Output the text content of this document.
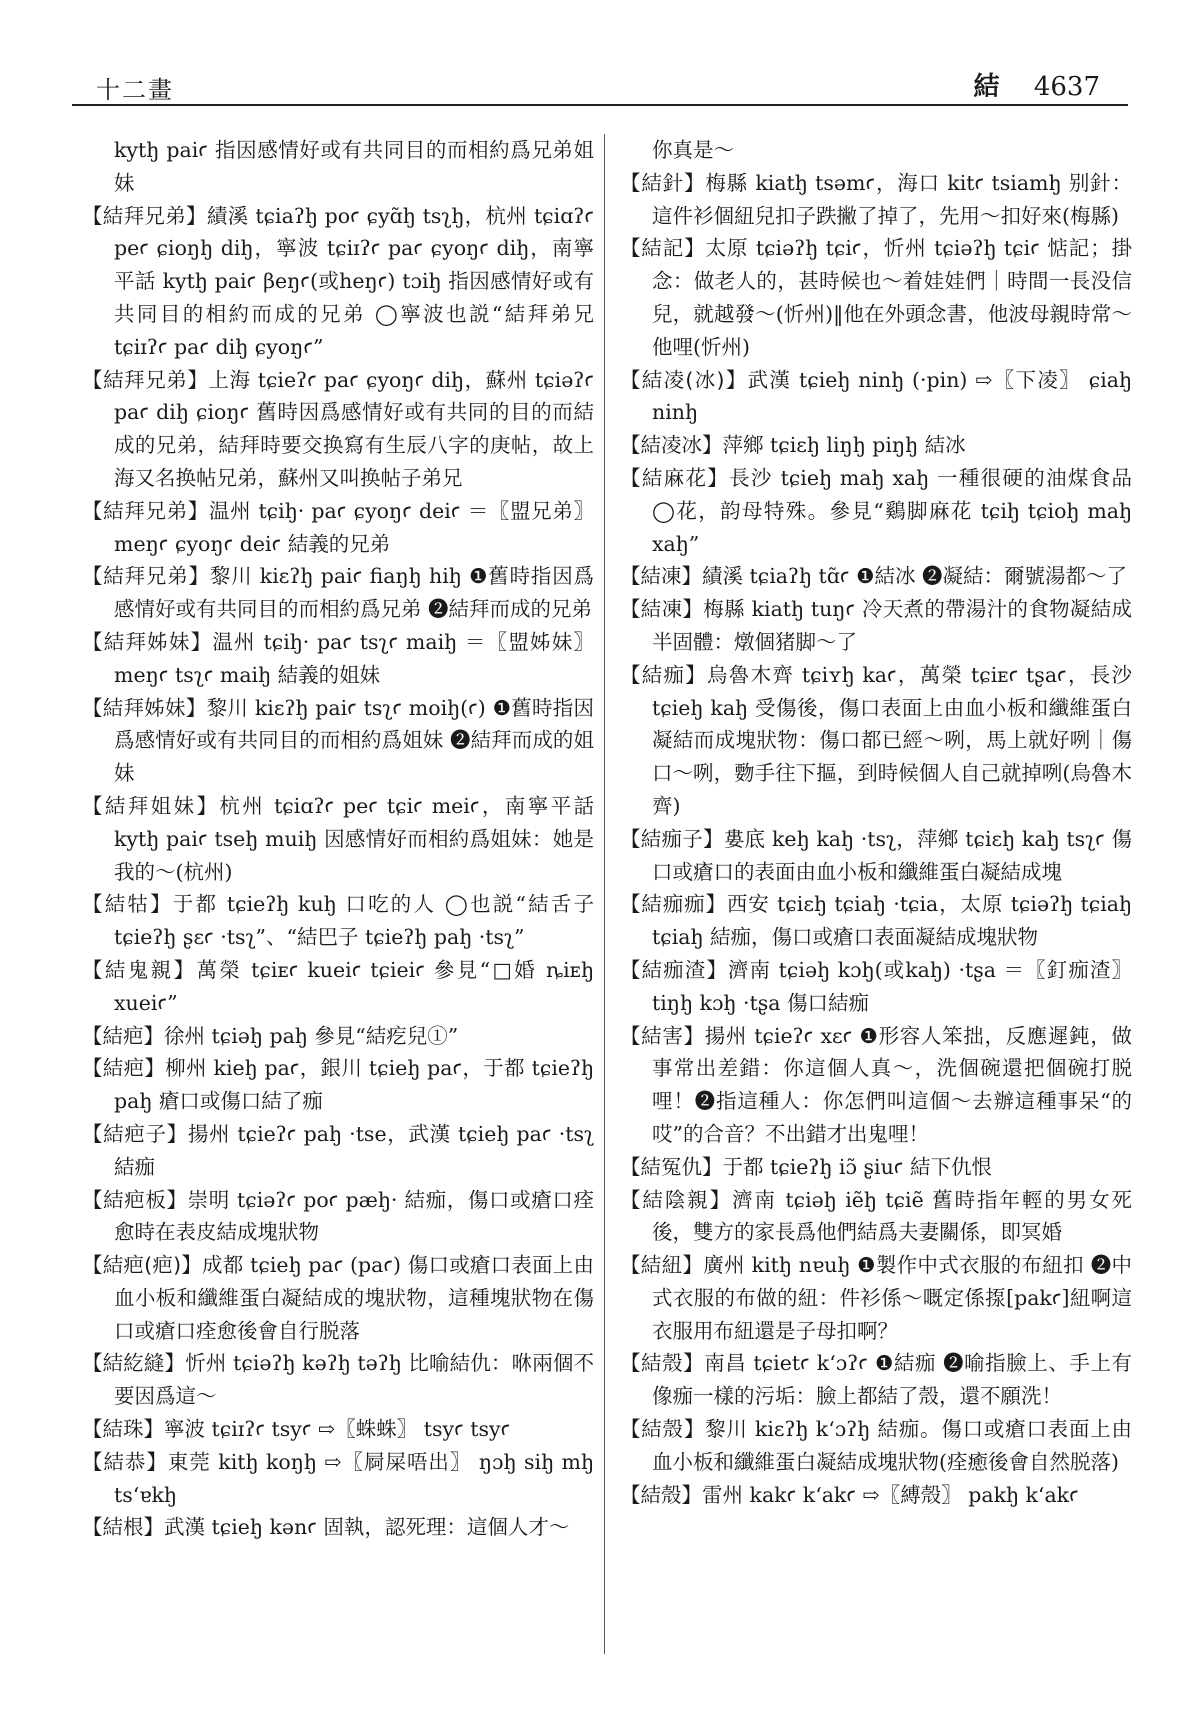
十二畫	結 4637

kytꜧ paiꜥ 指因感情好或有共同目的而相約爲兄弟姐妹

【結拜兄弟】績溪 tɕiaʔꜧ poꜥ ɕyɑ̃ꜧ tsʅꜧ，杭州 tɕiɑʔꜥ peꜥ ɕioŋꜧ diꜧ，寧波 tɕiɪʔꜥ paꜥ ɕyoŋꜥ diꜧ，南寧平話 kytꜧ paiꜥ βeŋꜥ(或heŋꜥ) tɔiꜧ 指因感情好或有共同目的相約而成的兄弟 ◯寧波也説“結拜弟兄 tɕiɪʔꜥ paꜥ diꜧ ɕyoŋꜥ”

【結拜兄弟】上海 tɕieʔꜥ paꜥ ɕyoŋꜥ diꜧ，蘇州 tɕiəʔꜥ paꜥ diꜧ ɕioŋꜥ 舊時因爲感情好或有共同的目的而結成的兄弟，結拜時要交换寫有生辰八字的庚帖，故上海又名换帖兄弟，蘇州又叫换帖子弟兄

【結拜兄弟】温州 tɕiꜧ· paꜥ ɕyoŋꜥ deiꜥ ＝〖盟兄弟〗 meŋꜥ ɕyoŋꜥ deiꜥ 結義的兄弟

【結拜兄弟】黎川 kiɛʔꜧ paiꜥ fiaŋꜧ hiꜧ ❶舊時指因爲感情好或有共同目的而相約爲兄弟 ❷結拜而成的兄弟

【結拜姊妹】温州 tɕiꜧ· paꜥ tsʅꜥ maiꜧ ＝〖盟姊妹〗 meŋꜥ tsʅꜥ maiꜧ 結義的姐妹

【結拜姊妹】黎川 kiɛʔꜧ paiꜥ tsʅꜥ moiꜧ(ꜥ) ❶舊時指因爲感情好或有共同目的而相約爲姐妹 ❷結拜而成的姐妹

【結拜姐妹】杭州 tɕiɑʔꜥ peꜥ tɕiꜥ meiꜥ，南寧平話 kytꜧ paiꜥ tseꜧ muiꜧ 因感情好而相約爲姐妹：她是我的～(杭州)

【結牯】于都 tɕieʔꜧ kuꜧ 口吃的人 ◯也説“結舌子 tɕieʔꜧ ʂɛꜥ ·tsʅ”、“結巴子 tɕieʔꜧ paꜧ ·tsʅ”

【結鬼親】萬榮 tɕiᴇꜥ kueiꜥ tɕieiꜥ 參見“□婚 ȵiᴇꜧ xueiꜥ”

【結疤】徐州 tɕiəꜧ paꜧ 參見“結疙兒①”

【結疤】柳州 kieꜧ paꜥ，銀川 tɕieꜧ paꜥ，于都 tɕieʔꜧ paꜧ 瘡口或傷口結了痂

【結疤子】揚州 tɕieʔꜥ paꜧ ·tse，武漢 tɕieꜧ paꜥ ·tsʅ 結痂

【結疤板】崇明 tɕiəʔꜥ poꜥ pæꜧ· 結痂，傷口或瘡口痊愈時在表皮結成塊狀物

【結疤(疤)】成都 tɕieꜧ paꜥ (paꜥ) 傷口或瘡口表面上由血小板和纖維蛋白凝結成的塊狀物，這種塊狀物在傷口或瘡口痊愈後會自行脱落

【結紇縫】忻州 tɕiəʔꜧ kəʔꜧ təʔꜧ 比喻結仇：咻兩個不要因爲這～

【結珠】寧波 tɕiɪʔꜥ tsyꜥ ⇨〖蛛蛛〗 tsyꜥ tsyꜥ

【結恭】東莞 kitꜧ koŋꜧ ⇨〖屙屎唔出〗 ŋɔꜧ siꜧ mꜧ tsʻɐkꜧ

【結根】武漢 tɕieꜧ kənꜥ 固執，認死理：這個人才～

你真是～

【結針】梅縣 kiatꜧ tsəmꜥ，海口 kitꜥ tsiamꜧ 别針：這件衫個紐兒扣子跌撇了掉了，先用～扣好來(梅縣)

【結記】太原 tɕiəʔꜧ tɕiꜥ，忻州 tɕiəʔꜧ tɕiꜥ 惦記；掛念：做老人的，甚時候也～着娃娃們｜時間一長没信兒，就越發～(忻州)‖他在外頭念書，他波母親時常～他哩(忻州)

【結凌(冰)】武漢 tɕieꜧ ninꜧ (·pin) ⇨〖下凌〗 ɕiaꜧ ninꜧ

【結凌冰】萍鄉 tɕiɛꜧ liŋꜧ piŋꜧ 結冰

【結麻花】長沙 tɕieꜧ maꜧ xaꜧ 一種很硬的油煤食品 ◯花，韵母特殊。參見“鷄脚麻花 tɕiꜧ tɕioꜧ maꜧ xaꜧ”

【結凍】績溪 tɕiaʔꜧ tɑ̃ꜥ ❶結冰 ❷凝結：爾號湯都～了

【結凍】梅縣 kiatꜧ tuŋꜥ 冷天煮的帶湯汁的食物凝結成半固體：燉個猪脚～了

【結痂】烏魯木齊 tɕiʏꜧ kaꜥ，萬榮 tɕiᴇꜥ tʂaꜥ，長沙 tɕieꜧ kaꜧ 受傷後，傷口表面上由血小板和纖維蛋白凝結而成塊狀物：傷口都已經～咧，馬上就好咧｜傷口～咧，覅手往下摳，到時候個人自己就掉咧(烏魯木齊)

【結痂子】婁底 keꜧ kaꜧ ·tsʅ，萍鄉 tɕiɛꜧ kaꜧ tsʅꜥ 傷口或瘡口的表面由血小板和纖維蛋白凝結成塊

【結痂痂】西安 tɕiɛꜧ tɕiaꜧ ·tɕia，太原 tɕiəʔꜧ tɕiaꜧ tɕiaꜧ 結痂，傷口或瘡口表面凝結成塊狀物

【結痂渣】濟南 tɕiəꜧ kɔꜧ(或kaꜧ) ·tʂa ＝〖釘痂渣〗 tiŋꜧ kɔꜧ ·tʂa 傷口結痂

【結害】揚州 tɕieʔꜥ xɛꜥ ❶形容人笨拙，反應遲鈍，做事常出差錯：你這個人真～，洗個碗還把個碗打脱哩！❷指這種人：你怎們叫這個～去辦這種事呆“的哎”的合音？不出錯才出鬼哩！

【結冤仇】于都 tɕieʔꜧ iɔ̃ ʂiuꜥ 結下仇恨

【結陰親】濟南 tɕiəꜧ iẽꜧ tɕiẽ 舊時指年輕的男女死後，雙方的家長爲他們結爲夫妻關係，即冥婚

【結紐】廣州 kitꜧ nɐuꜧ ❶製作中式衣服的布紐扣 ❷中式衣服的布做的紐：件衫係～嘅定係揼[pakꜥ]紐啊這衣服用布紐還是子母扣啊？

【結殼】南昌 tɕietꜥ kʻɔʔꜥ ❶結痂 ❷喻指臉上、手上有像痂一樣的污垢：臉上都結了殼，還不願洗！

【結殼】黎川 kiɛʔꜧ kʻɔʔꜧ 結痂。傷口或瘡口表面上由血小板和纖維蛋白凝結成塊狀物(痊癒後會自然脱落)

【結殼】雷州 kakꜥ kʻakꜥ ⇨〖縛殼〗 pakꜧ kʻakꜥ
